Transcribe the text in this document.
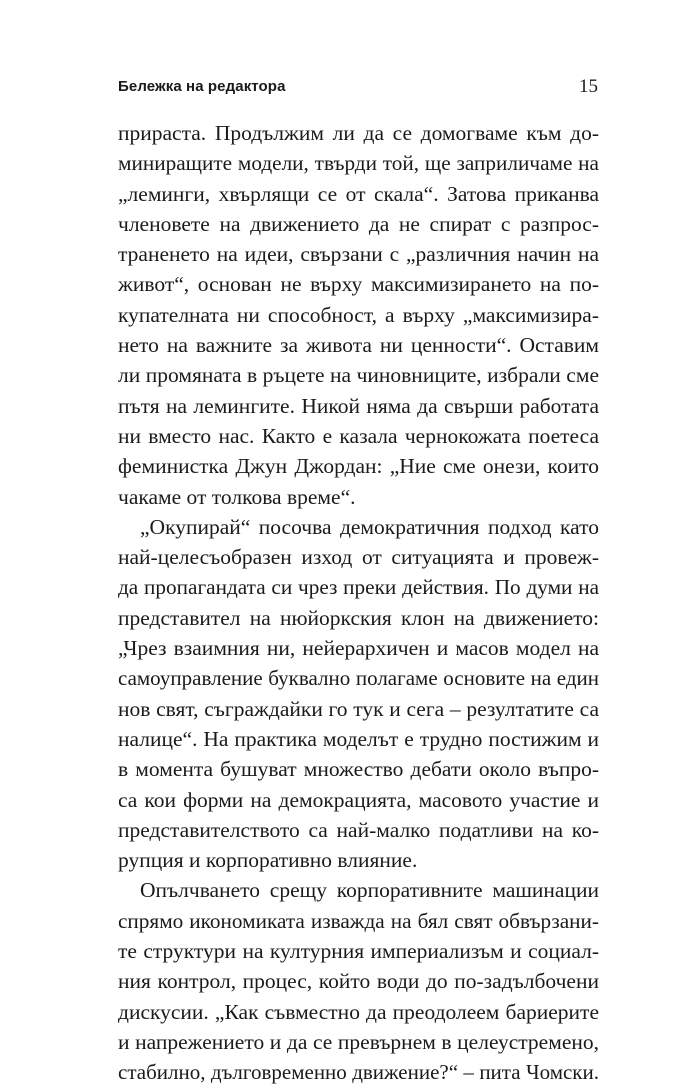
Бележка на редактора	15

прираста. Продължим ли да се домогваме към до-
миниращите модели, твърди той, ще заприличаме на
„леминги, хвърлящи се от скала“. Затова приканва
членовете на движението да не спират с разпрос-
траненето на идеи, свързани с „различния начин на
живот“, основан не върху максимизирането на по-
купателната ни способност, а върху „максимизира-
нето на важните за живота ни ценности“. Оставим
ли промяната в ръцете на чиновниците, избрали сме
пътя на лемингите. Никой няма да свърши работата
ни вместо нас. Както е казала чернокожата поетеса
феминистка Джун Джордан: „Ние сме онези, които
чакаме от толкова време“.

„Окупирай“ посочва демократичния подход като
най-целесъобразен изход от ситуацията и провеж-
да пропагандата си чрез преки действия. По думи на
представител на нюйоркския клон на движението:
„Чрез взаимния ни, нейерархичен и масов модел на
самоуправление буквално полагаме основите на един
нов свят, съграждайки го тук и сега – резултатите са
налице“. На практика моделът е трудно постижим и
в момента бушуват множество дебати около въпро-
са кои форми на демокрацията, масовото участие и
представителството са най-малко податливи на ко-
рупция и корпоративно влияние.

Опълчването срещу корпоративните машинации
спрямо икономиката изважда на бял свят обвързани-
те структури на културния империализъм и социал-
ния контрол, процес, който води до по-задълбочени
дискусии. „Как съвместно да преодолеем бариерите
и напрежението и да се превърнем в целеустремено,
стабилно, дълговременно движение?“ – пита Чомски.
